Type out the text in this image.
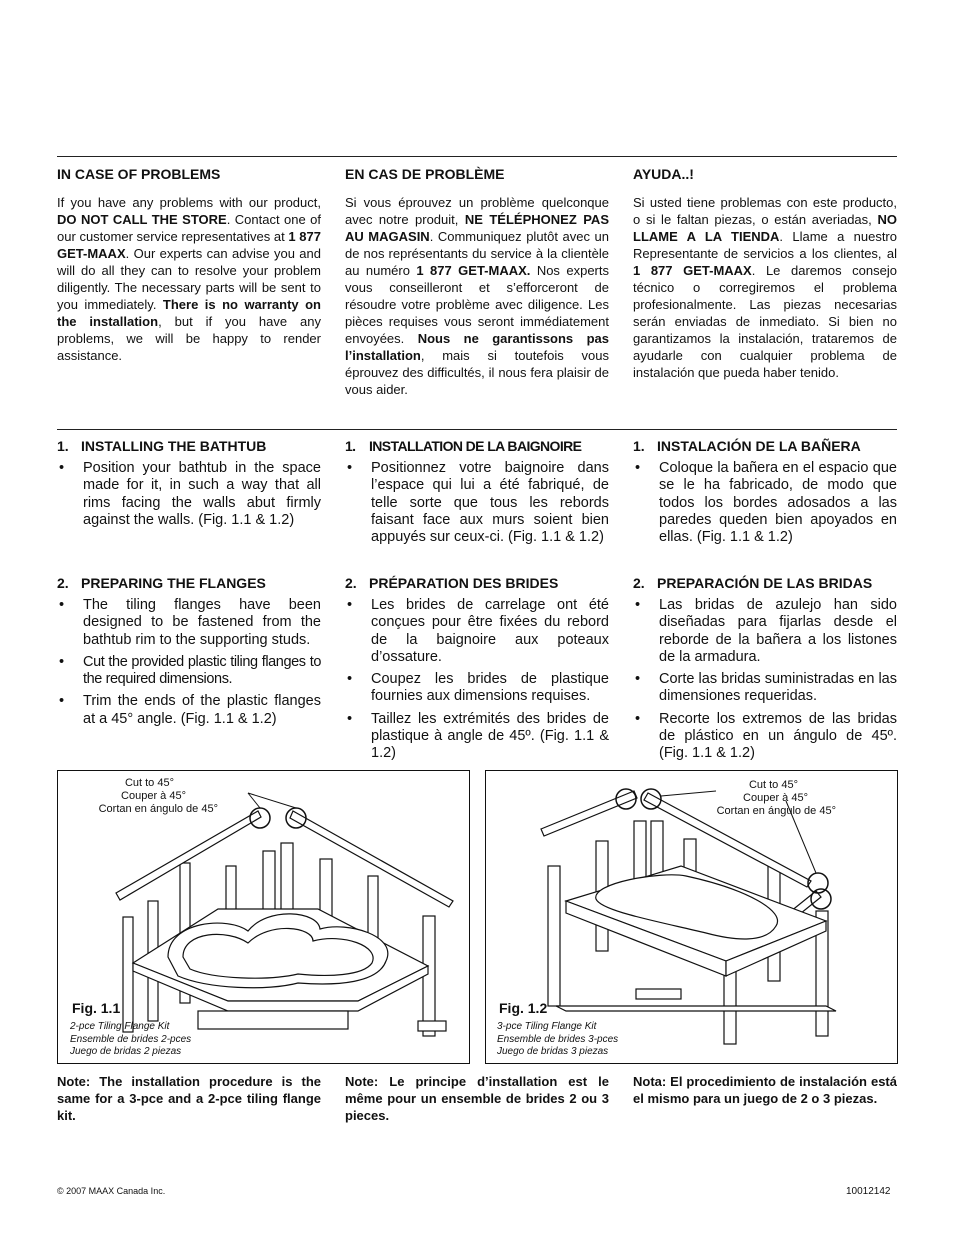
IN CASE OF PROBLEMS

If you have any problems with our product, DO NOT CALL THE STORE. Contact one of our customer service representatives at 1 877 GET-MAAX. Our experts can advise you and will do all they can to resolve your problem diligently. The necessary parts will be sent to you immediately. There is no warranty on the installation, but if you have any problems, we will be happy to render assistance.

EN CAS DE PROBLÈME

Si vous éprouvez un problème quelconque avec notre produit, NE TÉLÉPHONEZ PAS AU MAGASIN. Communiquez plutôt avec un de nos représentants du service à la clientèle au numéro 1 877 GET-MAAX. Nos experts vous conseilleront et s’efforceront de résoudre votre problème avec diligence. Les pièces requises vous seront immédiatement envoyées. Nous ne garantissons pas l’installation, mais si toutefois vous éprouvez des difficultés, il nous fera plaisir de vous aider.

AYUDA..!

Si usted tiene problemas con este producto, o si le faltan piezas, o están averiadas, NO LLAME A LA TIENDA. Llame a nuestro Representante de servicios a los clientes, al 1 877 GET-MAAX. Le daremos consejo técnico o corregiremos el problema profesionalmente. Las piezas necesarias serán enviadas de inmediato. Si bien no garantizamos la instalación, trataremos de ayudarle con cualquier problema de instalación que pueda haber tenido.
1. INSTALLING THE BATHTUB
• Position your bathtub in the space made for it, in such a way that all rims facing the walls abut firmly against the walls. (Fig. 1.1 & 1.2)
1. INSTALLATION DE LA BAIGNOIRE
• Positionnez votre baignoire dans l’espace qui lui a été fabriqué, de telle sorte que tous les rebords faisant face aux murs soient bien appuyés sur ceux-ci. (Fig. 1.1 & 1.2)
1. INSTALACIÓN DE LA BAÑERA
• Coloque la bañera en el espacio que se le ha fabricado, de modo que todos los bordes adosados a las paredes queden bien apoyados en ellas. (Fig. 1.1 & 1.2)
2. PREPARING THE FLANGES
• The tiling flanges have been designed to be fastened from the bathtub rim to the supporting studs.
• Cut the provided plastic tiling flanges to the required dimensions.
• Trim the ends of the plastic flanges at a 45° angle. (Fig. 1.1 & 1.2)
2. PRÉPARATION DES BRIDES
• Les brides de carrelage ont été conçues pour être fixées du rebord de la baignoire aux poteaux d’ossature.
• Coupez les brides de plastique fournies aux dimensions requises.
• Taillez les extrémités des brides de plastique à angle de 45º. (Fig. 1.1 & 1.2)
2. PREPARACIÓN DE LAS BRIDAS
• Las bridas de azulejo han sido diseñadas para fijarlas desde el reborde de la bañera a los listones de la armadura.
• Corte las bridas suministradas en las dimensiones requeridas.
• Recorte los extremos de las bridas de plástico en un ángulo de 45º. (Fig. 1.1 & 1.2)
Cut to 45°
Couper à 45°
Cortan en ángulo de 45°
Fig. 1.1
2-pce Tiling Flange Kit
Ensemble de brides 2-pces
Juego de bridas 2 piezas
Cut to 45°
Couper à 45°
Cortan en ángulo de 45°
Fig. 1.2
3-pce Tiling Flange Kit
Ensemble de brides 3-pces
Juego de bridas 3 piezas
Note: The installation procedure is the same for a 3-pce and a 2-pce tiling flange kit.
Note: Le principe d’installation est le même pour un ensemble de brides 2 ou 3 pieces.
Nota: El procedimiento de instalación está el mismo para un juego de 2 o 3 piezas.
© 2007 MAAX Canada Inc.	10012142
